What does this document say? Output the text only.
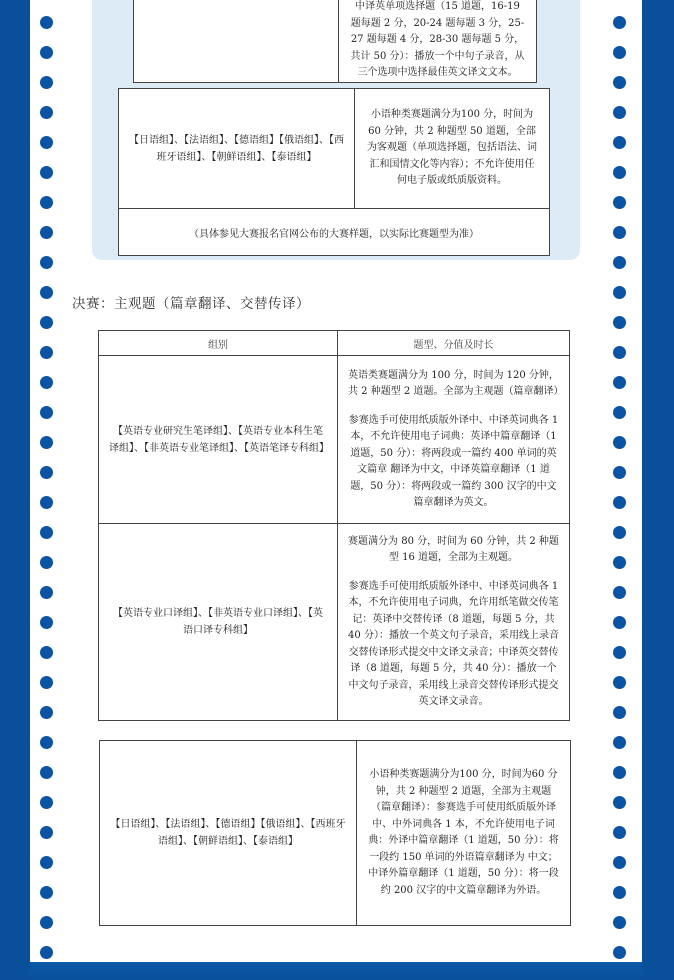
	中译英单项选择题（15 道题，16-19 题每题 2 分，20-24 题每题 3 分，25-27 题每题 4 分，28-30 题每题 5 分，共计 50 分）：播放一个中句子录音，从三个选项中选择最佳英文译文文本。
【日语组】、【法语组】、【德语组】【俄语组】、【西班牙语组】、【朝鲜语组】、【泰语组】	小语种类赛题满分为100 分，时间为 60 分钟，共 2 种题型 50 道题，全部为客观题（单项选择题，包括语法、词汇和国情文化等内容）；不允许使用任何电子版或纸质版资料。
（具体参见大赛报名官网公布的大赛样题，以实际比赛题型为准）
决赛：主观题（篇章翻译、交替传译）
组别	题型、分值及时长
【英语专业研究生笔译组】、【英语专业本科生笔译组】、【非英语专业笔译组】、【英语笔译专科组】	英语类赛题满分为 100 分，时间为 120 分钟，共 2 种题型 2 道题。全部为主观题（篇章翻译）
参赛选手可使用纸质版外译中、中译英词典各 1 本，不允许使用电子词典：英译中篇章翻译（1 道题，50 分）：将两段或一篇约 400 单词的英文篇章 翻译为中文，中译英篇章翻译（1 道题，50 分）：将两段或一篇约 300 汉字的中文篇章翻译为英文。

【英语专业口译组】、【非英语专业口译组】、【英语口译专科组】	赛题满分为 80 分，时间为 60 分钟，共 2 种题型 16 道题，全部为主观题。
参赛选手可使用纸质版外译中、中译英词典各 1 本，不允许使用电子词典，允许用纸笔做交传笔记：英译中交替传译（8 道题，每题 5 分，共 40 分）：播放一个英文句子录音，采用线上录音交替传译形式提交中文译文录音；中译英交替传译（8 道题，每题 5 分，共 40 分）：播放一个中文句子录音，采用线上录音交替传译形式提交英文译文录音。
【日语组】、【法语组】、【德语组】【俄语组】、【西班牙语组】、【朝鲜语组】、【泰语组】	小语种类赛题满分为100 分，时间为60 分钟，共 2 种题型 2 道题，全部为主观题（篇章翻译）：参赛选手可使用纸质版外译中、中外词典各 1 本，不允许使用电子词典：外译中篇章翻译（1 道题，50 分）：将一段约 150 单词的外语篇章翻译为 中文；中译外篇章翻译（1 道题，50 分）：将一段约 200 汉字的中文篇章翻译为外语。
